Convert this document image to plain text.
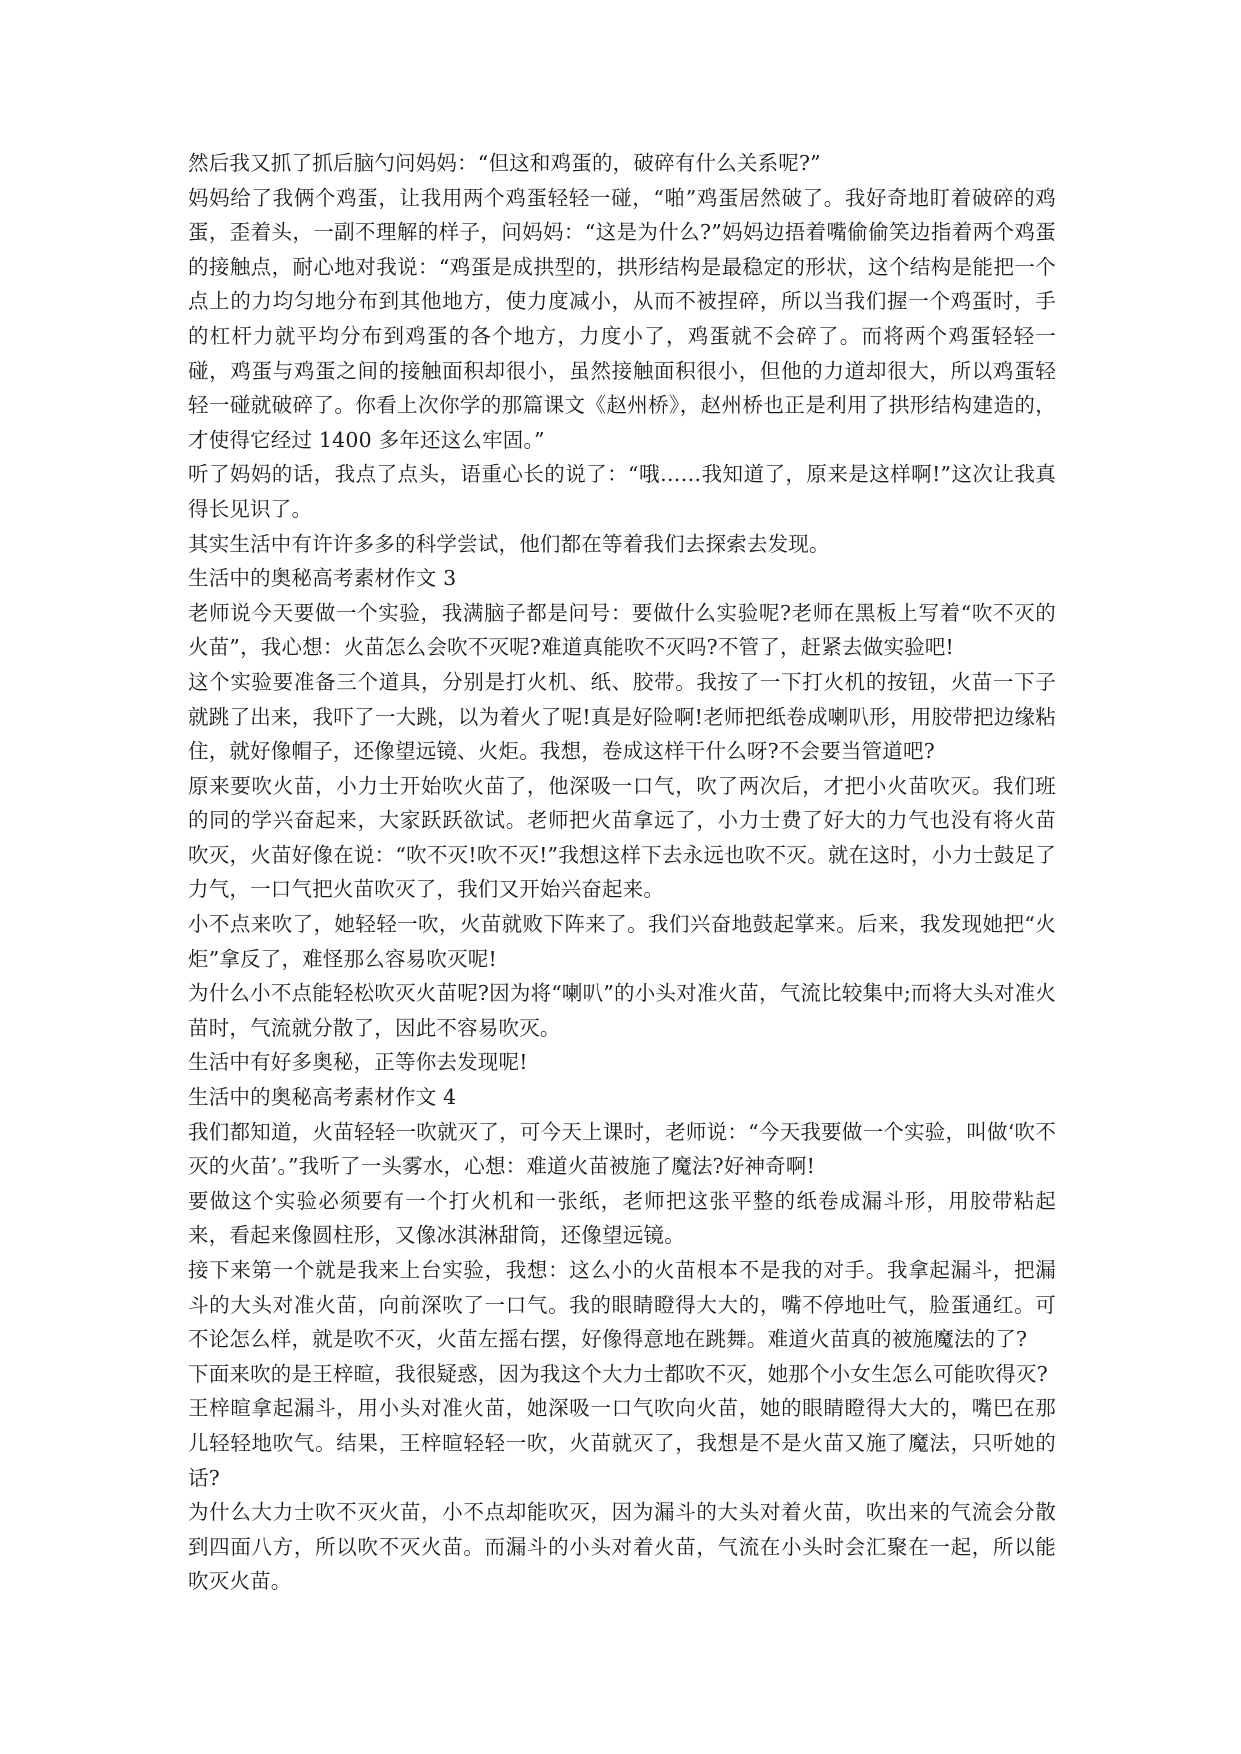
然后我又抓了抓后脑勺问妈妈：“但这和鸡蛋的，破碎有什么关系呢?”

妈妈给了我俩个鸡蛋，让我用两个鸡蛋轻轻一碰，“啪”鸡蛋居然破了。我好奇地盯着破碎的鸡蛋，歪着头，一副不理解的样子，问妈妈：“这是为什么?”妈妈边捂着嘴偷偷笑边指着两个鸡蛋的接触点，耐心地对我说：“鸡蛋是成拱型的，拱形结构是最稳定的形状，这个结构是能把一个点上的力均匀地分布到其他地方，使力度减小，从而不被捏碎，所以当我们握一个鸡蛋时，手的杠杆力就平均分布到鸡蛋的各个地方，力度小了，鸡蛋就不会碎了。而将两个鸡蛋轻轻一碰，鸡蛋与鸡蛋之间的接触面积却很小，虽然接触面积很小，但他的力道却很大，所以鸡蛋轻轻一碰就破碎了。你看上次你学的那篇课文《赵州桥》，赵州桥也正是利用了拱形结构建造的，才使得它经过 1400 多年还这么牢固。”

听了妈妈的话，我点了点头，语重心长的说了：“哦……我知道了，原来是这样啊!”这次让我真得长见识了。

其实生活中有许许多多的科学尝试，他们都在等着我们去探索去发现。

生活中的奥秘高考素材作文 3

老师说今天要做一个实验，我满脑子都是问号：要做什么实验呢?老师在黑板上写着“吹不灭的火苗”，我心想：火苗怎么会吹不灭呢?难道真能吹不灭吗?不管了，赶紧去做实验吧!

这个实验要准备三个道具，分别是打火机、纸、胶带。我按了一下打火机的按钮，火苗一下子就跳了出来，我吓了一大跳，以为着火了呢!真是好险啊!老师把纸卷成喇叭形，用胶带把边缘粘住，就好像帽子，还像望远镜、火炬。我想，卷成这样干什么呀?不会要当管道吧?

原来要吹火苗，小力士开始吹火苗了，他深吸一口气，吹了两次后，才把小火苗吹灭。我们班的同的学兴奋起来，大家跃跃欲试。老师把火苗拿远了，小力士费了好大的力气也没有将火苗吹灭，火苗好像在说：“吹不灭!吹不灭!”我想这样下去永远也吹不灭。就在这时，小力士鼓足了力气，一口气把火苗吹灭了，我们又开始兴奋起来。

小不点来吹了，她轻轻一吹，火苗就败下阵来了。我们兴奋地鼓起掌来。后来，我发现她把“火炬”拿反了，难怪那么容易吹灭呢!

为什么小不点能轻松吹灭火苗呢?因为将“喇叭”的小头对准火苗，气流比较集中;而将大头对准火苗时，气流就分散了，因此不容易吹灭。

生活中有好多奥秘，正等你去发现呢!

生活中的奥秘高考素材作文 4

我们都知道，火苗轻轻一吹就灭了，可今天上课时，老师说：“今天我要做一个实验，叫做‘吹不灭的火苗’。”我听了一头雾水，心想：难道火苗被施了魔法?好神奇啊!

要做这个实验必须要有一个打火机和一张纸，老师把这张平整的纸卷成漏斗形，用胶带粘起来，看起来像圆柱形，又像冰淇淋甜筒，还像望远镜。

接下来第一个就是我来上台实验，我想：这么小的火苗根本不是我的对手。我拿起漏斗，把漏斗的大头对准火苗，向前深吹了一口气。我的眼睛瞪得大大的，嘴不停地吐气，脸蛋通红。可不论怎么样，就是吹不灭，火苗左摇右摆，好像得意地在跳舞。难道火苗真的被施魔法的了?

下面来吹的是王梓暄，我很疑惑，因为我这个大力士都吹不灭，她那个小女生怎么可能吹得灭?

王梓暄拿起漏斗，用小头对准火苗，她深吸一口气吹向火苗，她的眼睛瞪得大大的，嘴巴在那儿轻轻地吹气。结果，王梓暄轻轻一吹，火苗就灭了，我想是不是火苗又施了魔法，只听她的话?

为什么大力士吹不灭火苗，小不点却能吹灭，因为漏斗的大头对着火苗，吹出来的气流会分散到四面八方，所以吹不灭火苗。而漏斗的小头对着火苗，气流在小头时会汇聚在一起，所以能吹灭火苗。
